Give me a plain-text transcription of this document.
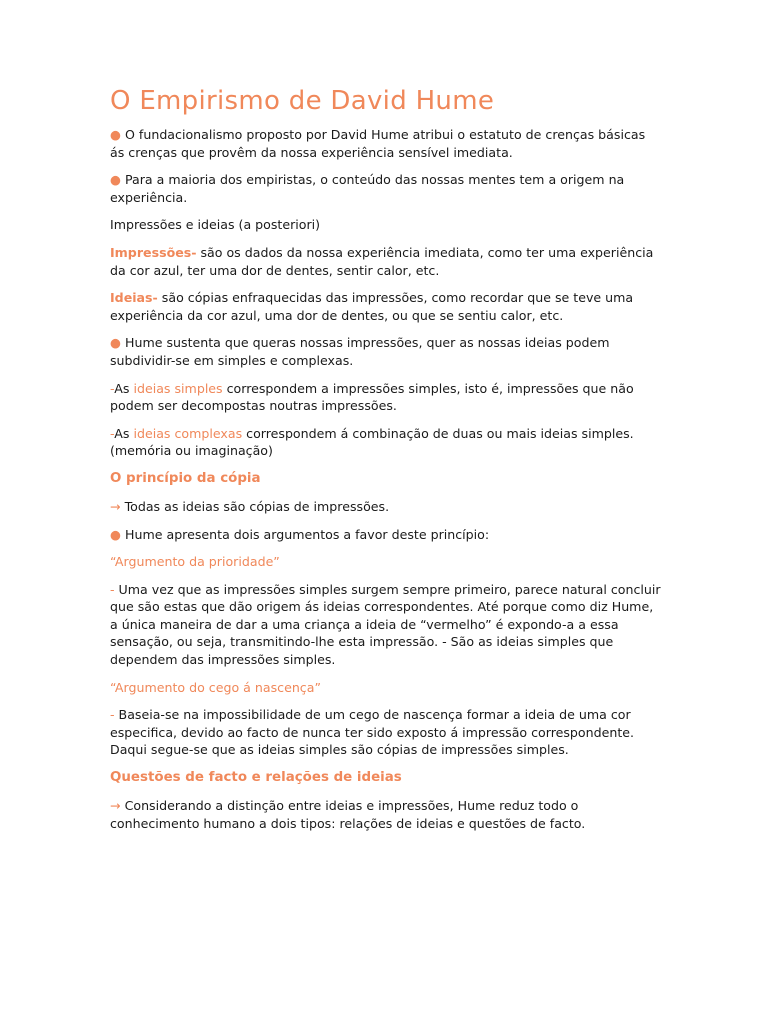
O Empirismo de David Hume

● O fundacionalismo proposto por David Hume atribui o estatuto de crenças básicas ás crenças que provêm da nossa experiência sensível imediata.

● Para a maioria dos empiristas, o conteúdo das nossas mentes tem a origem na experiência.

Impressões e ideias (a posteriori)

Impressões- são os dados da nossa experiência imediata, como ter uma experiência da cor azul, ter uma dor de dentes, sentir calor, etc.

Ideias- são cópias enfraquecidas das impressões, como recordar que se teve uma experiência da cor azul, uma dor de dentes, ou que se sentiu calor, etc.

● Hume sustenta que queras nossas impressões, quer as nossas ideias podem subdividir-se em simples e complexas.

-As ideias simples correspondem a impressões simples, isto é, impressões que não podem ser decompostas noutras impressões.

-As ideias complexas correspondem á combinação de duas ou mais ideias simples. (memória ou imaginação)

O princípio da cópia

→ Todas as ideias são cópias de impressões.

● Hume apresenta dois argumentos a favor deste princípio:

“Argumento da prioridade”

- Uma vez que as impressões simples surgem sempre primeiro, parece natural concluir que são estas que dão origem ás ideias correspondentes. Até porque como diz Hume, a única maneira de dar a uma criança a ideia de “vermelho” é expondo-a a essa sensação, ou seja, transmitindo-lhe esta impressão. - São as ideias simples que dependem das impressões simples.

“Argumento do cego á nascença”

- Baseia-se na impossibilidade de um cego de nascença formar a ideia de uma cor especifica, devido ao facto de nunca ter sido exposto á impressão correspondente. Daqui segue-se que as ideias simples são cópias de impressões simples.

Questões de facto e relações de ideias

→ Considerando a distinção entre ideias e impressões, Hume reduz todo o conhecimento humano a dois tipos: relações de ideias e questões de facto.
